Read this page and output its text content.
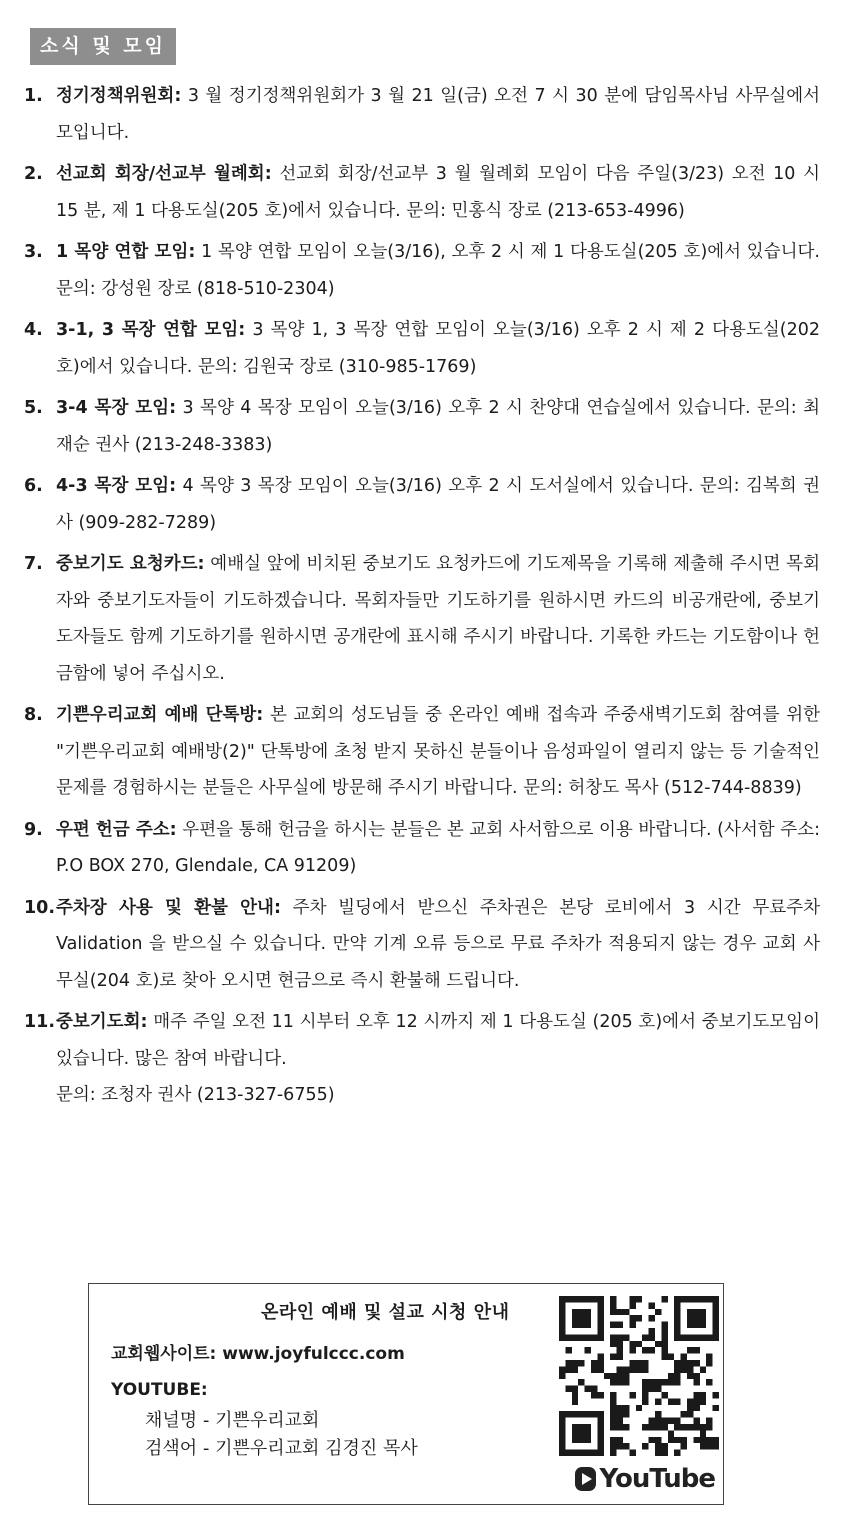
소식 및 모임
1. 정기정책위원회: 3 월 정기정책위원회가 3 월 21 일(금) 오전 7 시 30 분에 담임목사님 사무실에서 모입니다.
2. 선교회 회장/선교부 월례회: 선교회 회장/선교부 3 월 월례회 모임이 다음 주일(3/23) 오전 10 시 15 분, 제 1 다용도실(205 호)에서 있습니다. 문의: 민홍식 장로 (213-653-4996)
3. 1 목양 연합 모임: 1 목양 연합 모임이 오늘(3/16), 오후 2 시 제 1 다용도실(205 호)에서 있습니다. 문의: 강성원 장로 (818-510-2304)
4. 3-1, 3 목장 연합 모임: 3 목양 1, 3 목장 연합 모임이 오늘(3/16) 오후 2 시 제 2 다용도실(202 호)에서 있습니다. 문의: 김원국 장로 (310-985-1769)
5. 3-4 목장 모임: 3 목양 4 목장 모임이 오늘(3/16) 오후 2 시 찬양대 연습실에서 있습니다. 문의: 최재순 권사 (213-248-3383)
6. 4-3 목장 모임: 4 목양 3 목장 모임이 오늘(3/16) 오후 2 시 도서실에서 있습니다. 문의: 김복희 권사 (909-282-7289)
7. 중보기도 요청카드: 예배실 앞에 비치된 중보기도 요청카드에 기도제목을 기록해 제출해 주시면 목회자와 중보기도자들이 기도하겠습니다. 목회자들만 기도하기를 원하시면 카드의 비공개란에, 중보기도자들도 함께 기도하기를 원하시면 공개란에 표시해 주시기 바랍니다. 기록한 카드는 기도함이나 헌금함에 넣어 주십시오.
8. 기쁜우리교회 예배 단톡방: 본 교회의 성도님들 중 온라인 예배 접속과 주중새벽기도회 참여를 위한 "기쁜우리교회 예배방(2)" 단톡방에 초청 받지 못하신 분들이나 음성파일이 열리지 않는 등 기술적인 문제를 경험하시는 분들은 사무실에 방문해 주시기 바랍니다. 문의: 허창도 목사 (512-744-8839)
9. 우편 헌금 주소: 우편을 통해 헌금을 하시는 분들은 본 교회 사서함으로 이용 바랍니다. (사서함 주소: P.O BOX 270, Glendale, CA 91209)
10. 주차장 사용 및 환불 안내: 주차 빌딩에서 받으신 주차권은 본당 로비에서 3 시간 무료주차 Validation 을 받으실 수 있습니다. 만약 기계 오류 등으로 무료 주차가 적용되지 않는 경우 교회 사무실(204 호)로 찾아 오시면 현금으로 즉시 환불해 드립니다.
11. 중보기도회: 매주 주일 오전 11 시부터 오후 12 시까지 제 1 다용도실 (205 호)에서 중보기도모임이 있습니다. 많은 참여 바랍니다.
문의: 조청자 권사 (213-327-6755)
온라인 예배 및 설교 시청 안내
교회웹사이트: www.joyfulccc.com
YOUTUBE:
채널명 - 기쁜우리교회
검색어 - 기쁜우리교회 김경진 목사
YouTube
